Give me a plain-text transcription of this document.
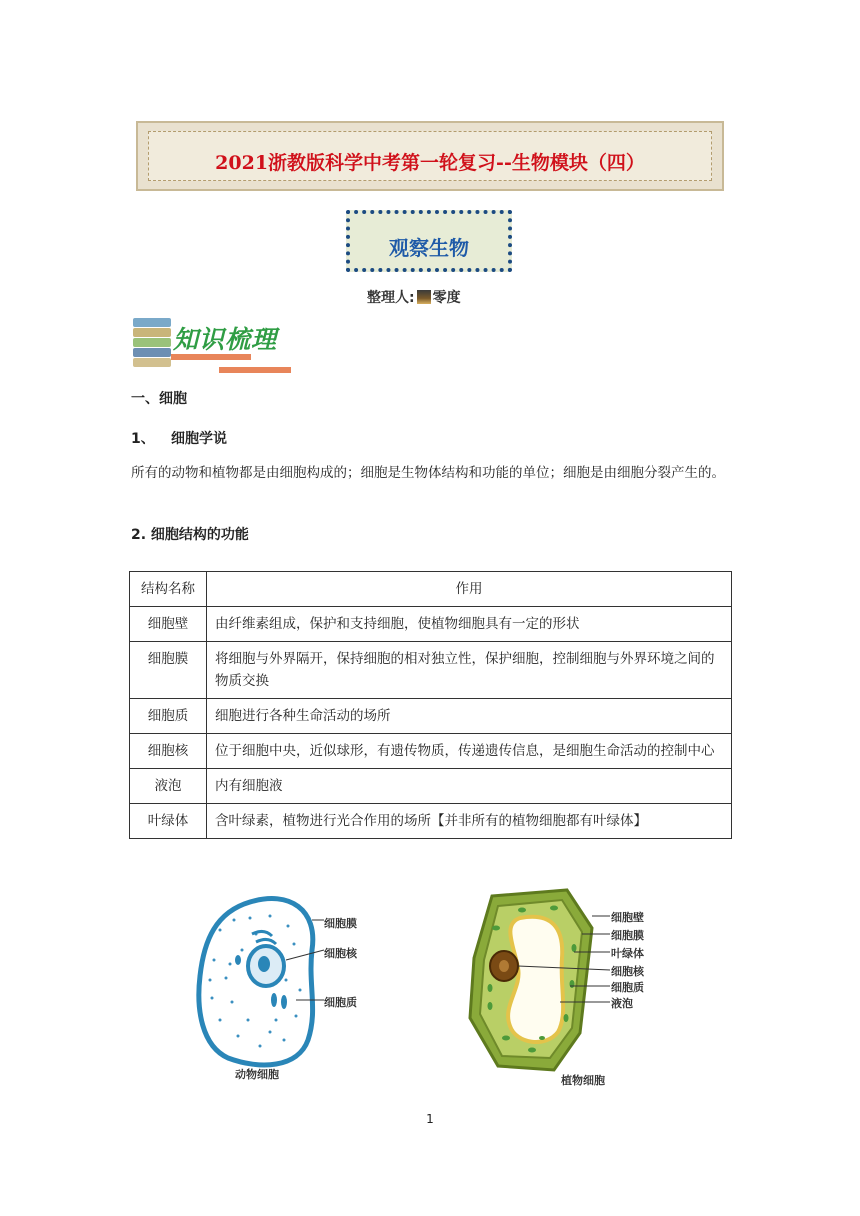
2021浙教版科学中考第一轮复习--生物模块（四）
观察生物
整理人: 零度
知识梳理
一、细胞
1、 细胞学说
所有的动物和植物都是由细胞构成的；细胞是生物体结构和功能的单位；细胞是由细胞分裂产生的。
2. 细胞结构的功能
结构名称	作用
细胞壁	由纤维素组成，保护和支持细胞，使植物细胞具有一定的形状
细胞膜	将细胞与外界隔开，保持细胞的相对独立性，保护细胞，控制细胞与外界环境之间的物质交换
细胞质	细胞进行各种生命活动的场所
细胞核	位于细胞中央，近似球形，有遗传物质，传递遗传信息，是细胞生命活动的控制中心
液泡	内有细胞液
叶绿体	含叶绿素，植物进行光合作用的场所【并非所有的植物细胞都有叶绿体】
细胞膜
细胞核
细胞质
动物细胞
细胞壁
细胞膜
叶绿体
细胞核
细胞质
液泡
植物细胞
1
